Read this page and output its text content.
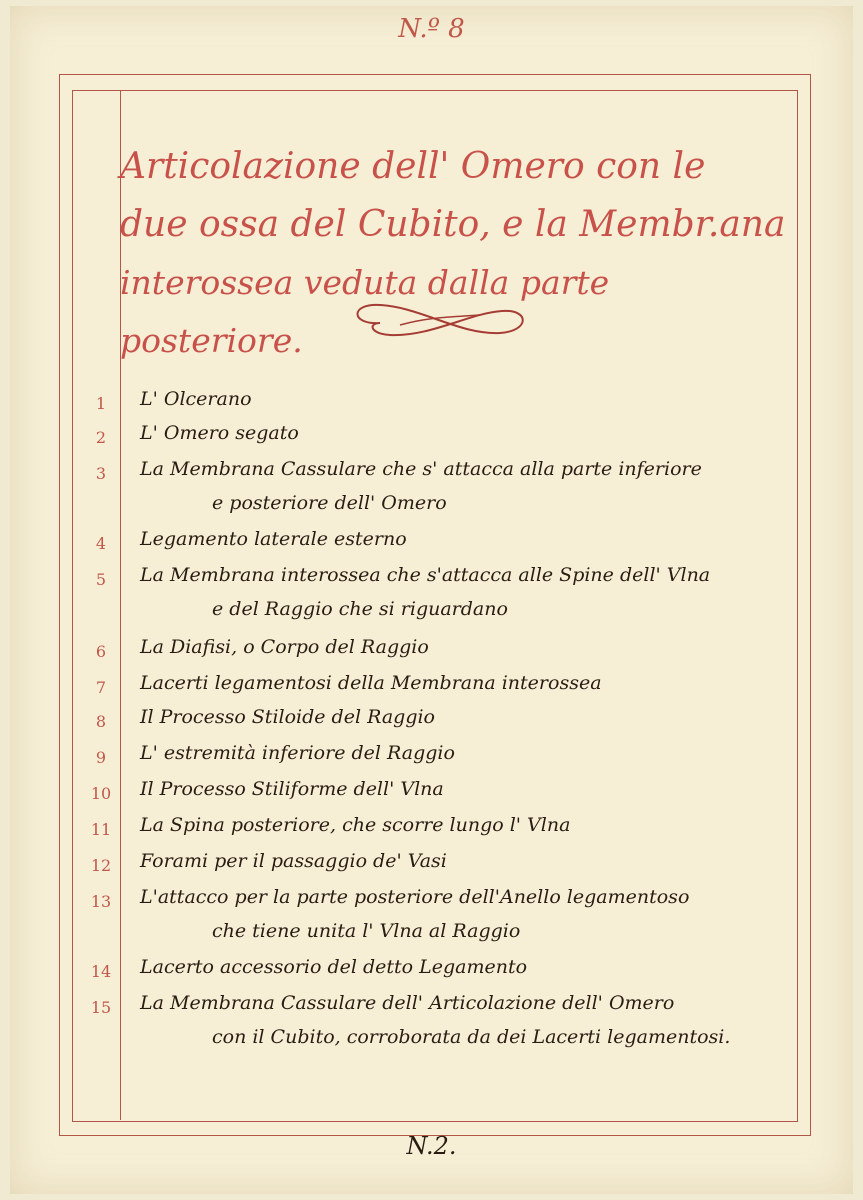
N.º 8
Articolazione dell' Omero con le
due ossa del Cubito, e la Membr.ana
interossea veduta dalla parte posteriore.
1	L' Olcerano
2	L' Omero segato
3	La Membrana Cassulare che s' attacca alla parte inferiore
e posteriore dell' Omero
4	Legamento laterale esterno
5	La Membrana interossea che s'attacca alle Spine dell' Vlna
e del Raggio che si riguardano
6	La Diafisi, o Corpo del Raggio
7	Lacerti legamentosi della Membrana interossea
8	Il Processo Stiloide del Raggio
9	L' estremità inferiore del Raggio
10	Il Processo Stiliforme dell' Vlna
11	La Spina posteriore, che scorre lungo l' Vlna
12	Forami per il passaggio de' Vasi
13	L'attacco per la parte posteriore dell'Anello legamentoso
che tiene unita l' Vlna al Raggio
14	Lacerto accessorio del detto Legamento
15	La Membrana Cassulare dell' Articolazione dell' Omero
con il Cubito, corroborata da dei Lacerti legamentosi.
N.2.
